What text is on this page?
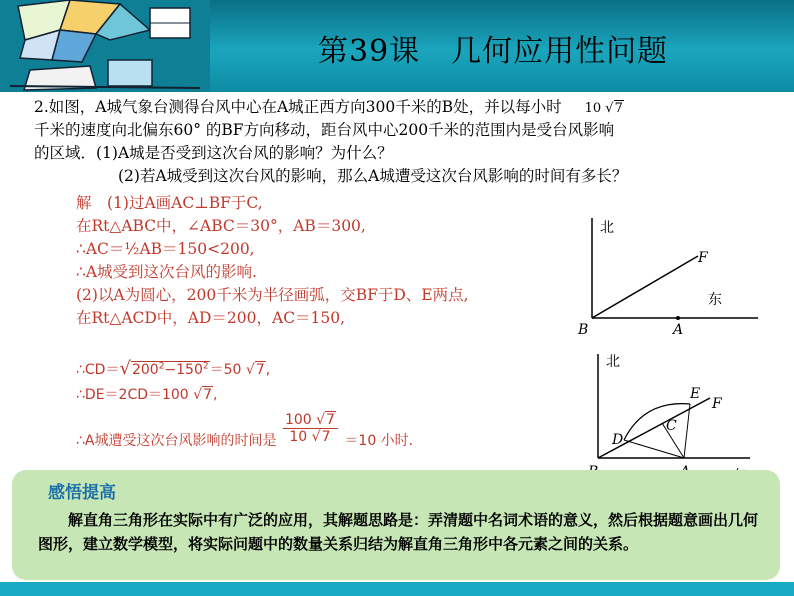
第39课　几何应用性问题
2.如图，A城气象台测得台风中心在A城正西方向300千米的B处，并以每小时 10 √7
千米的速度向北偏东60° 的BF方向移动，距台风中心200千米的范围内是受台风影响
的区域．(1)A城是否受到这次台风的影响？为什么？
(2)若A城受到这次台风的影响，那么A城遭受这次台风影响的时间有多长？
解　(1)过A画AC⊥BF于C,
在Rt△ABC中，∠ABC＝30°，AB＝300,
∴AC＝½AB＝150<200,
∴A城受到这次台风的影响.
(2)以A为圆心，200千米为半径画弧，交BF于D、E两点,
在Rt△ACD中，AD＝200，AC＝150,
$\therefore CD=√200^2-150^2=50$ √7,
∴DE＝2CD＝100 √7,
∴A城遭受这次台风影响的时间是 $\frac{100 √7}{10 √7} =10$ 小时.
北
东
B	A
F
北
F
E
D
C
感悟提高
解直角三角形在实际中有广泛的应用，其解题思路是：弄清题中名词术语的意义，然后根据题意画出几何图形，建立数学模型，将实际问题中的数量关系归结为解直角三角形中各元素之间的关系。
